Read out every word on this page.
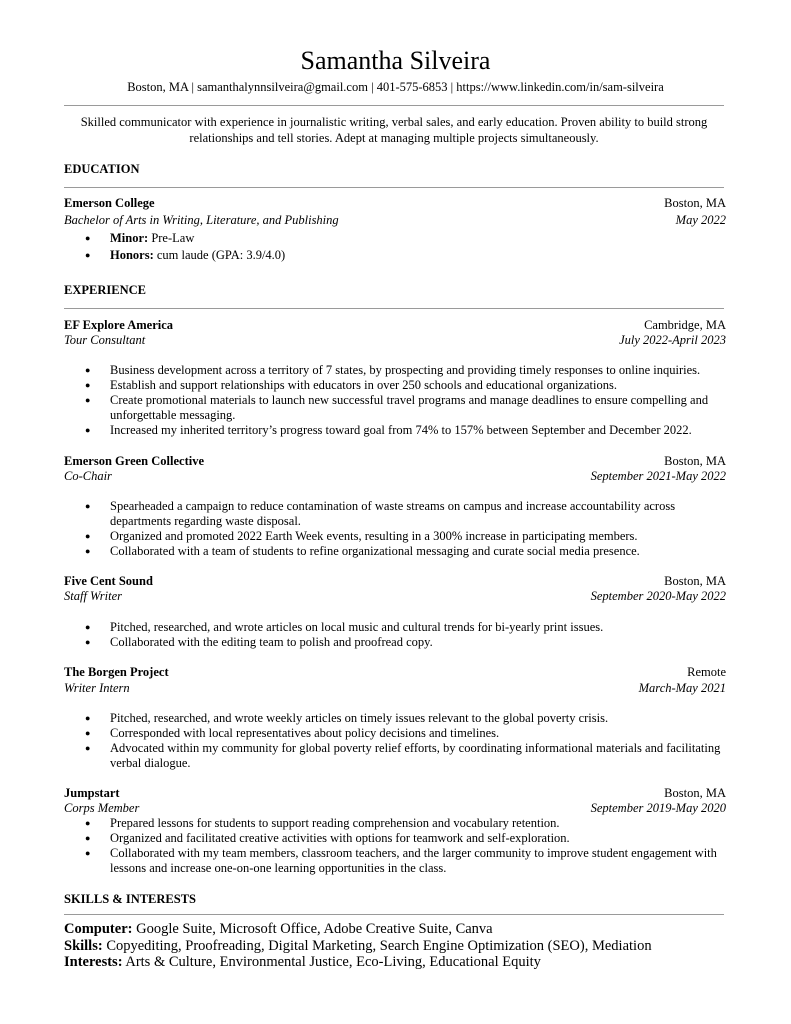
Samantha Silveira
Boston, MA | samanthalynnsilveira@gmail.com | 401-575-6853 | https://www.linkedin.com/in/sam-silveira
Skilled communicator with experience in journalistic writing, verbal sales, and early education. Proven ability to build strong relationships and tell stories. Adept at managing multiple projects simultaneously.
EDUCATION
Emerson College	Boston, MA
Bachelor of Arts in Writing, Literature, and Publishing	May 2022
● Minor: Pre-Law
● Honors: cum laude (GPA: 3.9/4.0)
EXPERIENCE
EF Explore America	Cambridge, MA
Tour Consultant	July 2022-April 2023
● Business development across a territory of 7 states, by prospecting and providing timely responses to online inquiries.
● Establish and support relationships with educators in over 250 schools and educational organizations.
● Create promotional materials to launch new successful travel programs and manage deadlines to ensure compelling and unforgettable messaging.
● Increased my inherited territory’s progress toward goal from 74% to 157% between September and December 2022.
Emerson Green Collective	Boston, MA
Co-Chair	September 2021-May 2022
● Spearheaded a campaign to reduce contamination of waste streams on campus and increase accountability across departments regarding waste disposal.
● Organized and promoted 2022 Earth Week events, resulting in a 300% increase in participating members.
● Collaborated with a team of students to refine organizational messaging and curate social media presence.
Five Cent Sound	Boston, MA
Staff Writer	September 2020-May 2022
● Pitched, researched, and wrote articles on local music and cultural trends for bi-yearly print issues.
● Collaborated with the editing team to polish and proofread copy.
The Borgen Project	Remote
Writer Intern	March-May 2021
● Pitched, researched, and wrote weekly articles on timely issues relevant to the global poverty crisis.
● Corresponded with local representatives about policy decisions and timelines.
● Advocated within my community for global poverty relief efforts, by coordinating informational materials and facilitating verbal dialogue.
Jumpstart	Boston, MA
Corps Member	September 2019-May 2020
● Prepared lessons for students to support reading comprehension and vocabulary retention.
● Organized and facilitated creative activities with options for teamwork and self-exploration.
● Collaborated with my team members, classroom teachers, and the larger community to improve student engagement with lessons and increase one-on-one learning opportunities in the class.
SKILLS & INTERESTS
Computer: Google Suite, Microsoft Office, Adobe Creative Suite, Canva
Skills: Copyediting, Proofreading, Digital Marketing, Search Engine Optimization (SEO), Mediation
Interests: Arts & Culture, Environmental Justice, Eco-Living, Educational Equity
